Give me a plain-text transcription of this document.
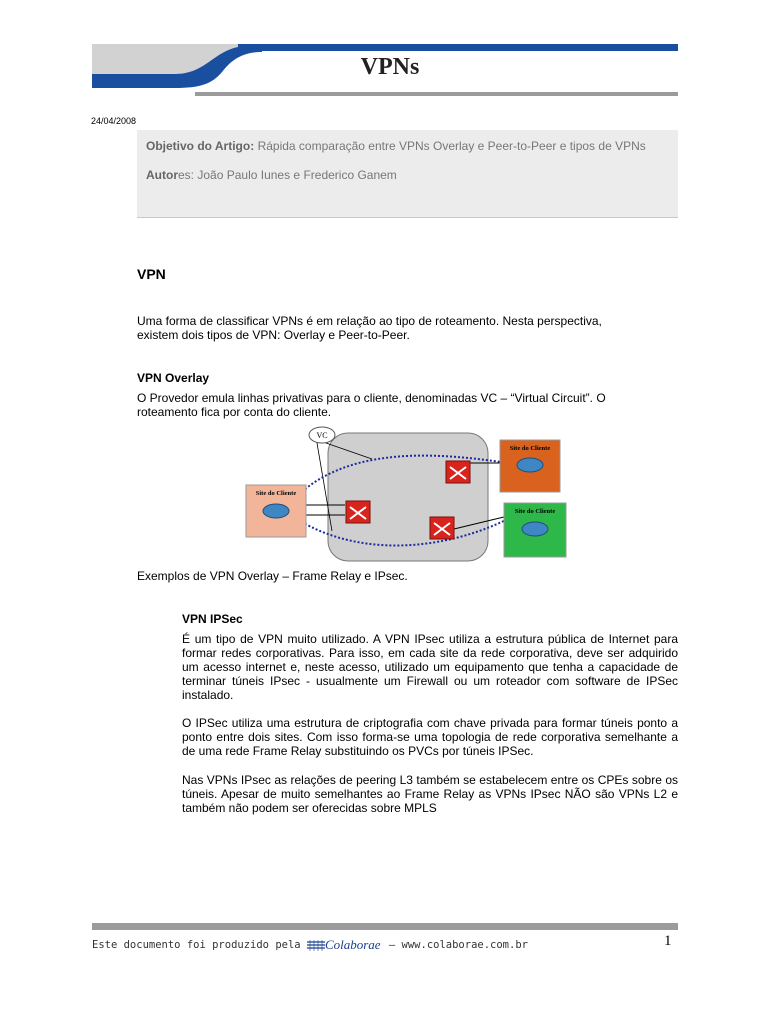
VPNs
24/04/2008

Objetivo do Artigo: Rápida comparação entre VPNs Overlay e Peer-to-Peer e tipos de VPNs

Autores: João Paulo Iunes e Frederico Ganem

VPN
Uma forma de classificar VPNs é em relação ao tipo de roteamento. Nesta perspectiva, existem dois tipos de VPN: Overlay e Peer-to-Peer.
VPN Overlay
O Provedor emula linhas privativas para o cliente, denominadas VC – “Virtual Circuit”. O roteamento fica por conta do cliente.
VC
Site do Cliente
Site do Cliente
Site do Cliente
Exemplos de VPN Overlay – Frame Relay e IPsec.
VPN IPSec
É um tipo de VPN muito utilizado. A VPN IPsec utiliza a estrutura pública de Internet para formar redes corporativas. Para isso, em cada site da rede corporativa, deve ser adquirido um acesso internet e, neste acesso, utilizado um equipamento que tenha a capacidade de terminar túneis IPsec - usualmente um Firewall ou um roteador com software de IPSec instalado.
O IPSec utiliza uma estrutura de criptografia com chave privada para formar túneis ponto a ponto entre dois sites. Com isso forma-se uma topologia de rede corporativa semelhante a de uma rede Frame Relay substituindo os PVCs por túneis IPSec.
Nas VPNs IPsec as relações de peering L3 também se estabelecem entre os CPEs sobre os túneis. Apesar de muito semelhantes ao Frame Relay as VPNs IPsec NÃO são VPNs L2 e também não podem ser oferecidas sobre MPLS
Este documento foi produzido pela Colaborae – www.colaborae.com.br	1
